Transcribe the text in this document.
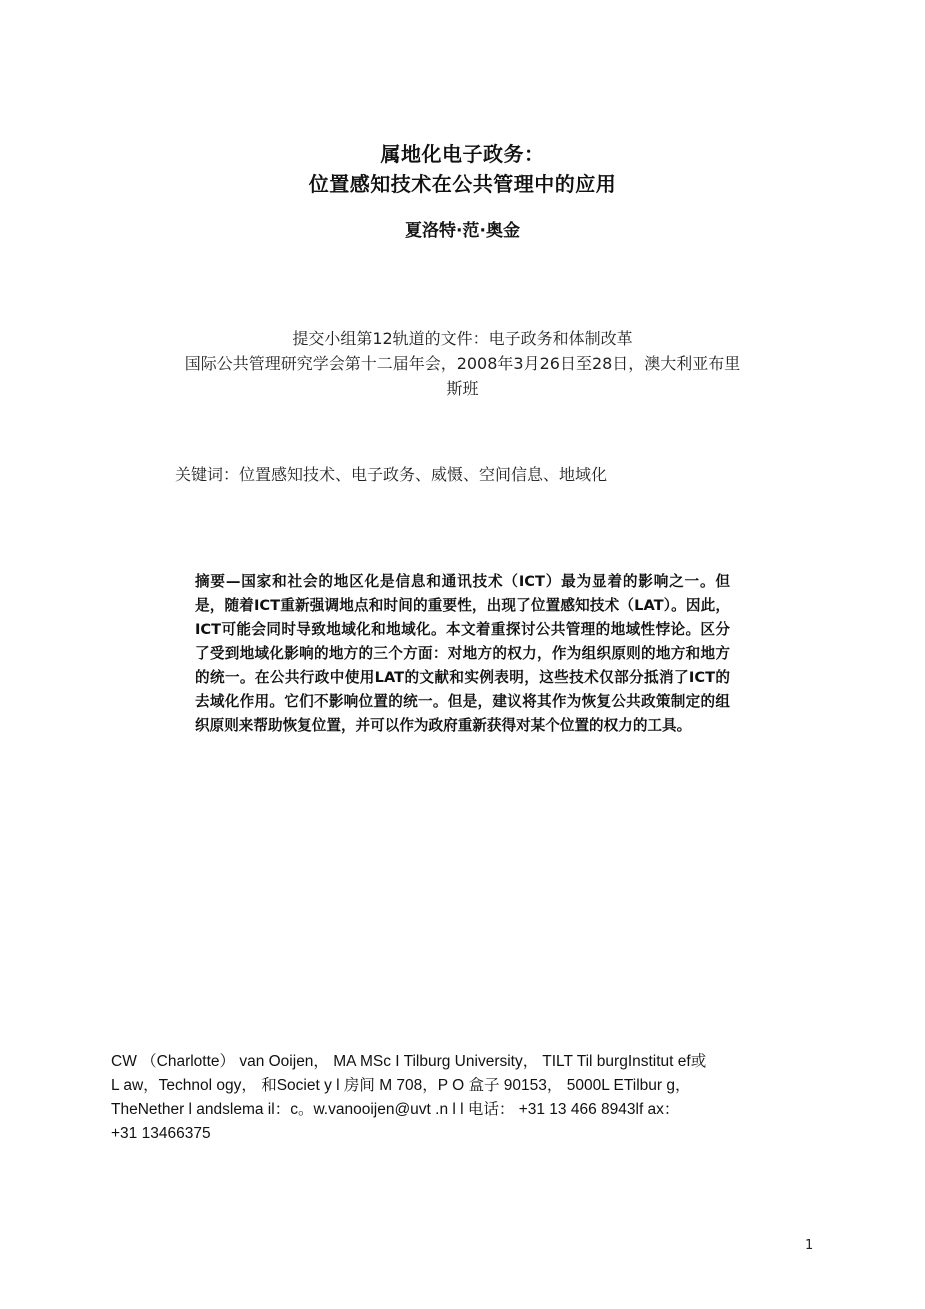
属地化电子政务：
位置感知技术在公共管理中的应用
夏洛特·范·奥金
提交小组第12轨道的文件：电子政务和体制改革
国际公共管理研究学会第十二届年会，2008年3月26日至28日，澳大利亚布里
斯班
关键词：位置感知技术、电子政务、威慑、空间信息、地域化
摘要—国家和社会的地区化是信息和通讯技术（ICT）最为显着的影响之一。但是，随着ICT重新强调地点和时间的重要性，出现了位置感知技术（LAT）。因此，ICT可能会同时导致地域化和地域化。本文着重探讨公共管理的地域性悖论。区分了受到地域化影响的地方的三个方面：对地方的权力，作为组织原则的地方和地方的统一。在公共行政中使用LAT的文献和实例表明，这些技术仅部分抵消了ICT的去域化作用。它们不影响位置的统一。但是，建议将其作为恢复公共政策制定的组织原则来帮助恢复位置，并可以作为政府重新获得对某个位置的权力的工具。
CW （Charlotte） van Ooijen， MA MSc I Tilburg University， TILT Til burgInstitut ef或
L aw，Technol ogy， 和Societ y l 房间 M 708，P O 盒子 90153， 5000L ETilbur g，
TheNether l andslema il：c。w.vanooijen@uvt .n l l 电话： +31 13 466 8943lf ax：
+31 13466375
1
